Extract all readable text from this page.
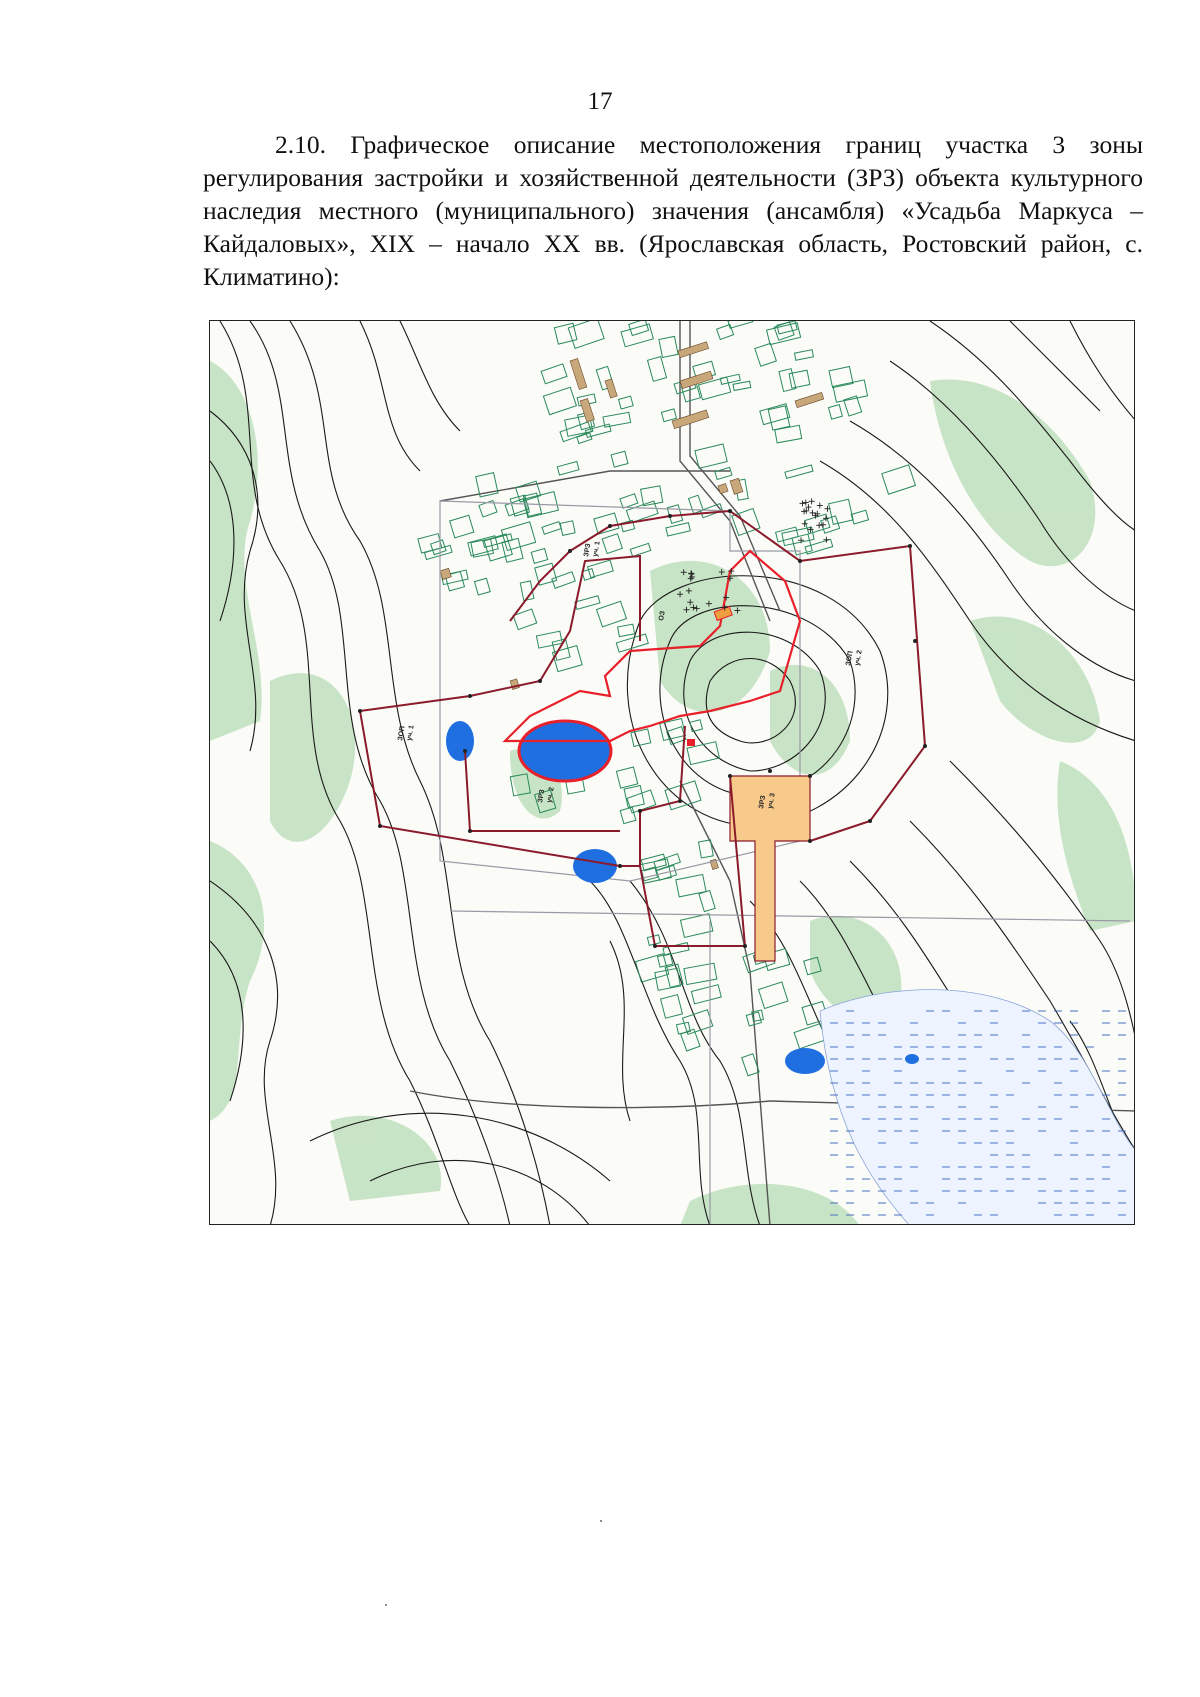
17
2.10. Графическое описание местоположения границ участка 3 зоны регулирования застройки и хозяйственной деятельности (ЗРЗ) объекта культурного наследия местного (муниципального) значения (ансамбля) «Усадьба Маркуса – Кайдаловых», XIX – начало XX вв. (Ярославская область, Ростовский район, с. Климатино):
ЗОП уч. 1
ЗРЗ уч. 2
ЗРЗ уч. 1
ЗРЗ уч. 3
ЗОП уч. 2
ОЗ
